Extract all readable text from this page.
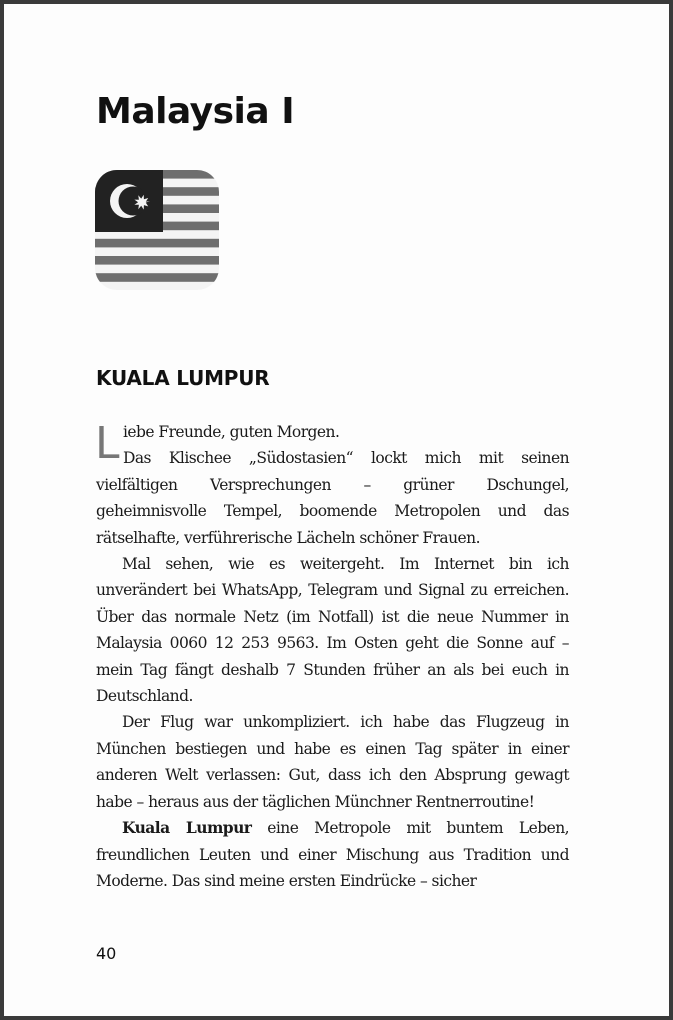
Malaysia I
KUALA LUMPUR

Liebe Freunde, guten Morgen.
Das Klischee „Südostasien“ lockt mich mit seinen vielfältigen Versprechungen – grüner Dschungel, geheimnisvolle Tempel, boomende Metropolen und das rätselhafte, verführerische Lächeln schöner Frauen.

Mal sehen, wie es weitergeht. Im Internet bin ich unverändert bei WhatsApp, Telegram und Signal zu erreichen. Über das normale Netz (im Notfall) ist die neue Nummer in Malaysia 0060 12 253 9563. Im Osten geht die Sonne auf – mein Tag fängt deshalb 7 Stunden früher an als bei euch in Deutschland.

Der Flug war unkompliziert. ich habe das Flugzeug in München bestiegen und habe es einen Tag später in einer anderen Welt verlassen: Gut, dass ich den Absprung gewagt habe – heraus aus der täglichen Münchner Rentnerroutine!

Kuala Lumpur eine Metropole mit buntem Leben, freundlichen Leuten und einer Mischung aus Tradition und Moderne. Das sind meine ersten Eindrücke – sicher

40
